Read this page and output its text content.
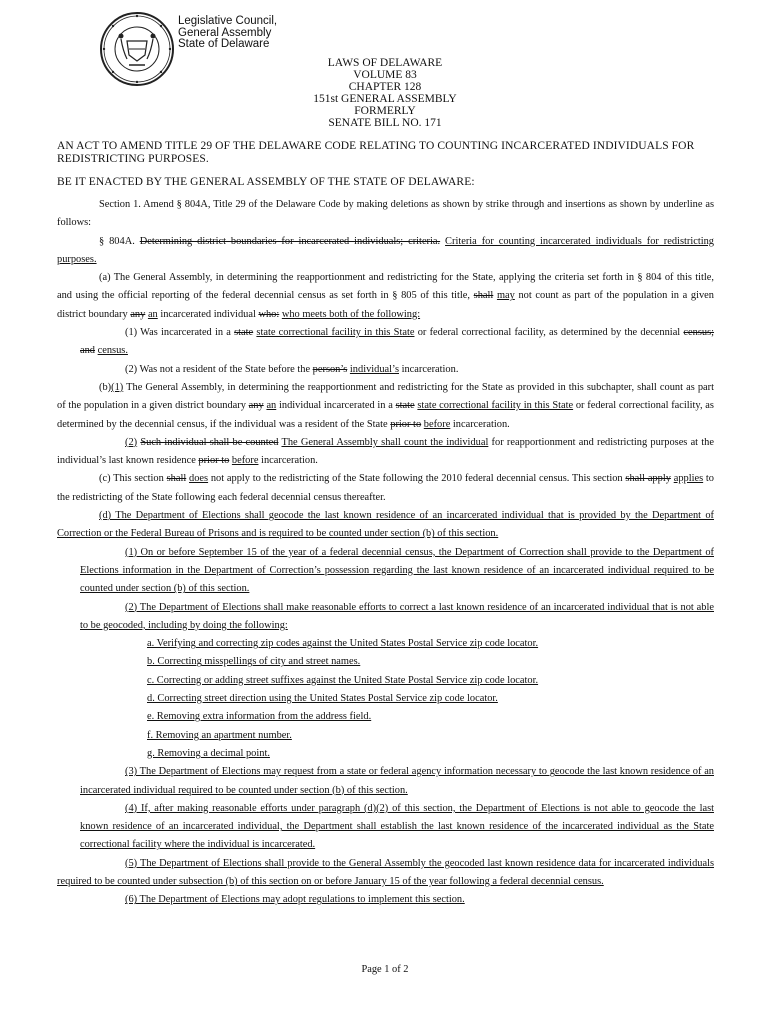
Legislative Council,
General Assembly
State of Delaware
LAWS OF DELAWARE
VOLUME 83
CHAPTER 128
151st GENERAL ASSEMBLY
FORMERLY
SENATE BILL NO. 171
AN ACT TO AMEND TITLE 29 OF THE DELAWARE CODE RELATING TO COUNTING INCARCERATED INDIVIDUALS FOR REDISTRICTING PURPOSES.
BE IT ENACTED BY THE GENERAL ASSEMBLY OF THE STATE OF DELAWARE:

Section 1. Amend § 804A, Title 29 of the Delaware Code by making deletions as shown by strike through and insertions as shown by underline as follows:

§ 804A. Determining district boundaries for incarcerated individuals; criteria. Criteria for counting incarcerated individuals for redistricting purposes.

(a) The General Assembly, in determining the reapportionment and redistricting for the State, applying the criteria set forth in § 804 of this title, and using the official reporting of the federal decennial census as set forth in § 805 of this title, shall may not count as part of the population in a given district boundary any an incarcerated individual who: who meets both of the following:

(1) Was incarcerated in a state state correctional facility in this State or federal correctional facility, as determined by the decennial census; and census.

(2) Was not a resident of the State before the person’s individual’s incarceration.

(b)(1) The General Assembly, in determining the reapportionment and redistricting for the State as provided in this subchapter, shall count as part of the population in a given district boundary any an individual incarcerated in a state state correctional facility in this State or federal correctional facility, as determined by the decennial census, if the individual was a resident of the State prior to before incarceration.

(2) Such individual shall be counted The General Assembly shall count the individual for reapportionment and redistricting purposes at the individual’s last known residence prior to before incarceration.

(c) This section shall does not apply to the redistricting of the State following the 2010 federal decennial census. This section shall apply applies to the redistricting of the State following each federal decennial census thereafter.

(d) The Department of Elections shall geocode the last known residence of an incarcerated individual that is provided by the Department of Correction or the Federal Bureau of Prisons and is required to be counted under section (b) of this section.

(1) On or before September 15 of the year of a federal decennial census, the Department of Correction shall provide to the Department of Elections information in the Department of Correction’s possession regarding the last known residence of an incarcerated individual required to be counted under section (b) of this section.

(2) The Department of Elections shall make reasonable efforts to correct a last known residence of an incarcerated individual that is not able to be geocoded, including by doing the following:

a. Verifying and correcting zip codes against the United States Postal Service zip code locator.

b. Correcting misspellings of city and street names.

c. Correcting or adding street suffixes against the United State Postal Service zip code locator.

d. Correcting street direction using the United States Postal Service zip code locator.

e. Removing extra information from the address field.

f. Removing an apartment number.

g. Removing a decimal point.

(3) The Department of Elections may request from a state or federal agency information necessary to geocode the last known residence of an incarcerated individual required to be counted under section (b) of this section.

(4) If, after making reasonable efforts under paragraph (d)(2) of this section, the Department of Elections is not able to geocode the last known residence of an incarcerated individual, the Department shall establish the last known residence of the incarcerated individual as the State correctional facility where the individual is incarcerated.

(5) The Department of Elections shall provide to the General Assembly the geocoded last known residence data for incarcerated individuals required to be counted under subsection (b) of this section on or before January 15 of the year following a federal decennial census.

(6) The Department of Elections may adopt regulations to implement this section.

Page 1 of 2
